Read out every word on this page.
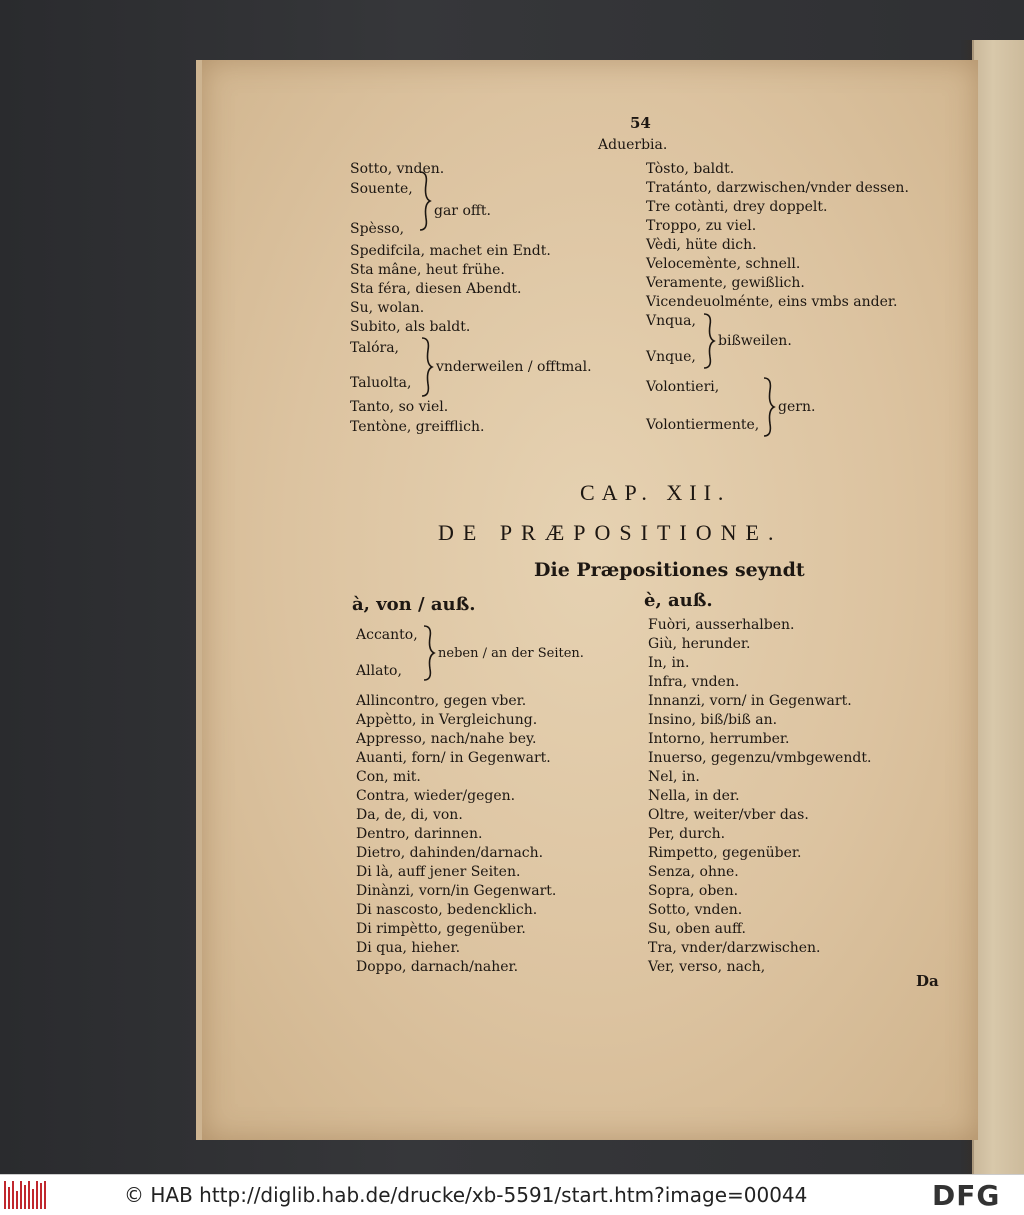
54
Aduerbia.
Sotto, vnden.
Souente,
Spèsso,
gar offt.
Spedifcila, machet ein Endt.
Sta mâne, heut frühe.
Sta féra, diesen Abendt.
Su, wolan.
Subito, als baldt.
Talóra,
Taluolta,
vnderweilen / offtmal.
Tanto, so viel.
Tentòne, greifflich.
Tòsto, baldt.
Tratánto, darzwischen/vnder dessen.
Tre cotànti, drey doppelt.
Troppo, zu viel.
Vèdi, hüte dich.
Velocemènte, schnell.
Veramente, gewißlich.
Vicendeuolménte, eins vmbs ander.
Vnqua,
Vnque,
bißweilen.
Volontieri,
Volontiermente,
gern.
CAP. XII.
DE PRÆPOSITIONE.
Die Præpositiones seyndt
à, von / auß.
Accanto,
Allato,
neben / an der Seiten.
Allincontro, gegen vber.
Appètto, in Vergleichung.
Appresso, nach/nahe bey.
Auanti, forn/ in Gegenwart.
Con, mit.
Contra, wieder/gegen.
Da, de, di, von.
Dentro, darinnen.
Dietro, dahinden/darnach.
Di là, auff jener Seiten.
Dinànzi, vorn/in Gegenwart.
Di nascosto, bedencklich.
Di rimpètto, gegenüber.
Di qua, hieher.
Doppo, darnach/naher.
è, auß.
Fuòri, ausserhalben.
Giù, herunder.
In, in.
Infra, vnden.
Innanzi, vorn/ in Gegenwart.
Insino, biß/biß an.
Intorno, herrumber.
Inuerso, gegenzu/vmbgewendt.
Nel, in.
Nella, in der.
Oltre, weiter/vber das.
Per, durch.
Rimpetto, gegenüber.
Senza, ohne.
Sopra, oben.
Sotto, vnden.
Su, oben auff.
Tra, vnder/darzwischen.
Ver, verso, nach,
Da
© HAB http://diglib.hab.de/drucke/xb-5591/start.htm?image=00044	DFG
